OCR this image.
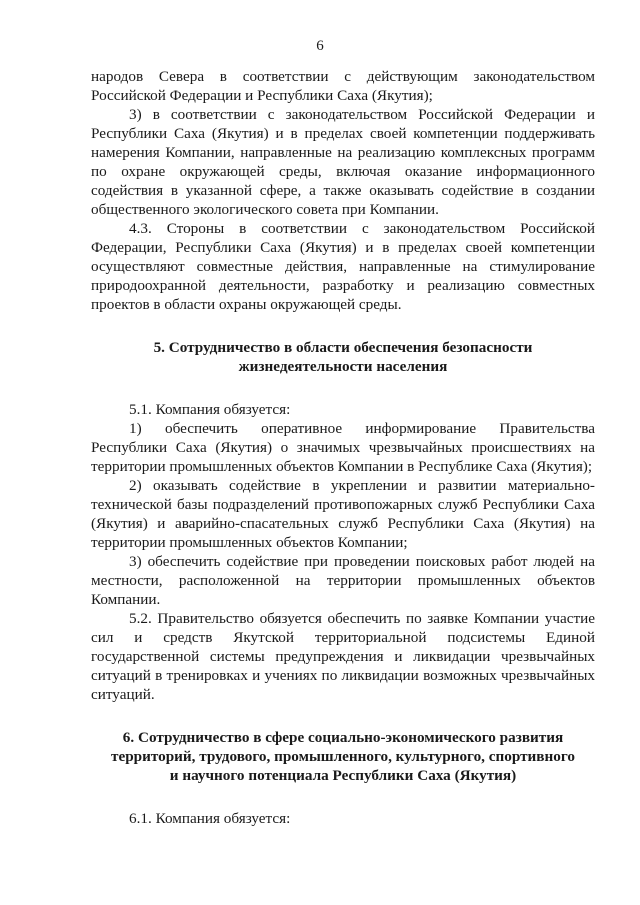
6

народов Севера в соответствии с действующим законодательством Российской Федерации и Республики Саха (Якутия);

3) в соответствии с законодательством Российской Федерации и Республики Саха (Якутия) и в пределах своей компетенции поддерживать намерения Компании, направленные на реализацию комплексных программ по охране окружающей среды, включая оказание информационного содействия в указанной сфере, а также оказывать содействие в создании общественного экологического совета при Компании.

4.3. Стороны в соответствии с законодательством Российской Федерации, Республики Саха (Якутия) и в пределах своей компетенции осуществляют совместные действия, направленные на стимулирование природоохранной деятельности, разработку и реализацию совместных проектов в области охраны окружающей среды.

5. Сотрудничество в области обеспечения безопасности
жизнедеятельности населения

5.1. Компания обязуется:

1) обеспечить оперативное информирование Правительства Республики Саха (Якутия) о значимых чрезвычайных происшествиях на территории промышленных объектов Компании в Республике Саха (Якутия);

2) оказывать содействие в укреплении и развитии материально-технической базы подразделений противопожарных служб Республики Саха (Якутия) и аварийно-спасательных служб Республики Саха (Якутия) на территории промышленных объектов Компании;

3) обеспечить содействие при проведении поисковых работ людей на местности, расположенной на территории промышленных объектов Компании.

5.2. Правительство обязуется обеспечить по заявке Компании участие сил и средств Якутской территориальной подсистемы Единой государственной системы предупреждения и ликвидации чрезвычайных ситуаций в тренировках и учениях по ликвидации возможных чрезвычайных ситуаций.

6. Сотрудничество в сфере социально-экономического развития
территорий, трудового, промышленного, культурного, спортивного
и научного потенциала Республики Саха (Якутия)

6.1. Компания обязуется:
